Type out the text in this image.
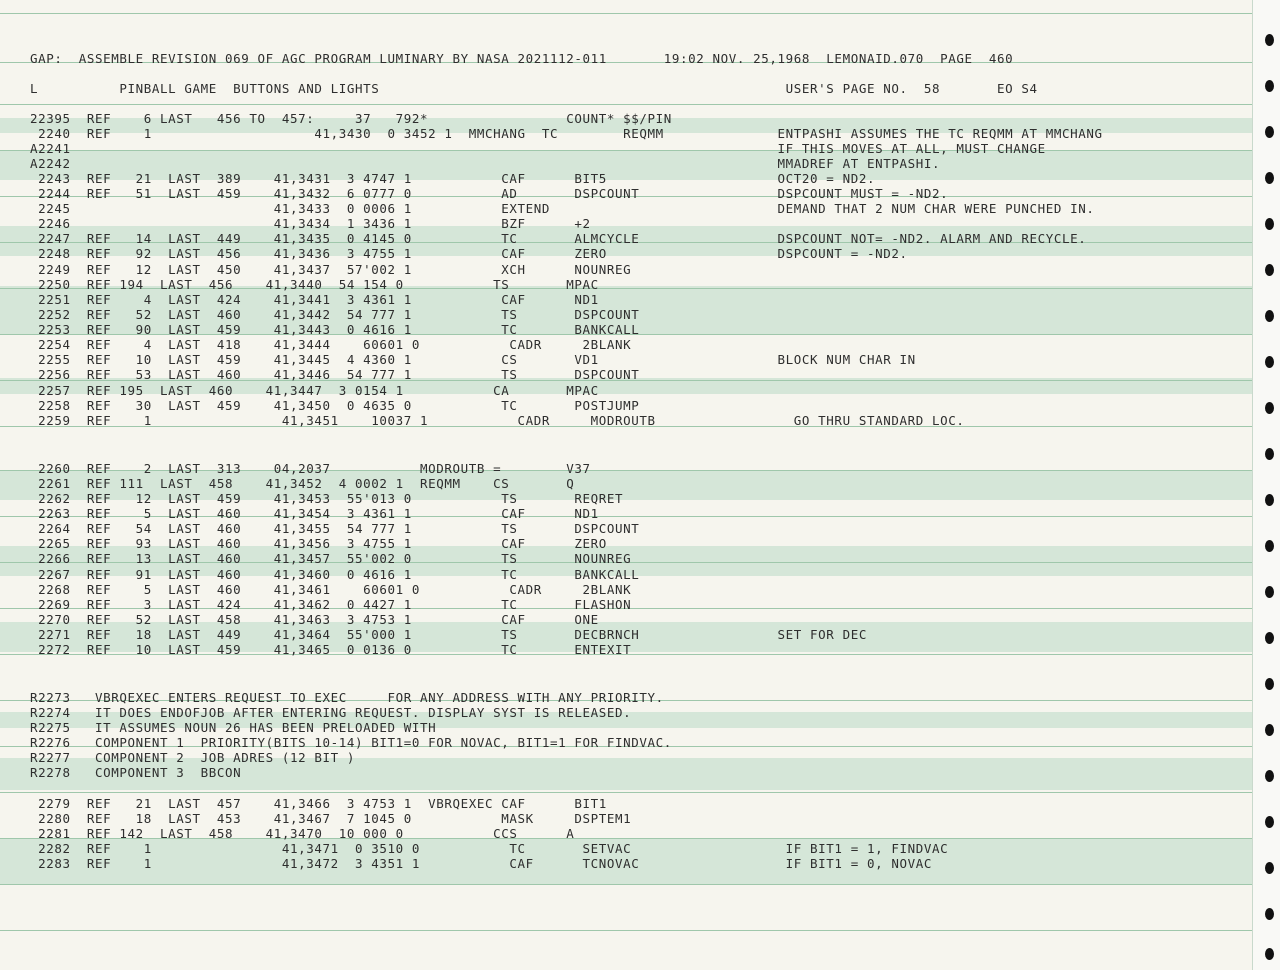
GAP:  ASSEMBLE REVISION 069 OF AGC PROGRAM LUMINARY BY NASA 2021112-011       19:02 NOV. 25,1968  LEMONAID.070  PAGE  460
L          PINBALL GAME  BUTTONS AND LIGHTS                                                  USER'S PAGE NO.  58       EO S4
22395  REF    6 LAST   456 TO  457:     37   792*                 COUNT* $$/PIN
2240  REF    1                    41,3430  0 3452 1  MMCHANG  TC        REQMM              ENTPASHI ASSUMES THE TC REQMM AT MMCHANG
A2241                                                                                       IF THIS MOVES AT ALL, MUST CHANGE
A2242                                                                                       MMADREF AT ENTPASHI.
2243  REF   21  LAST  389    41,3431  3 4747 1           CAF      BIT5                     OCT20 = ND2.
2244  REF   51  LAST  459    41,3432  6 0777 0           AD       DSPCOUNT                 DSPCOUNT MUST = -ND2.
2245                         41,3433  0 0006 1           EXTEND                            DEMAND THAT 2 NUM CHAR WERE PUNCHED IN.
2246                         41,3434  1 3436 1           BZF      +2
2247  REF   14  LAST  449    41,3435  0 4145 0           TC       ALMCYCLE                 DSPCOUNT NOT= -ND2. ALARM AND RECYCLE.
2248  REF   92  LAST  456    41,3436  3 4755 1           CAF      ZERO                     DSPCOUNT = -ND2.
2249  REF   12  LAST  450    41,3437  57'002 1           XCH      NOUNREG
2250  REF 194  LAST  456    41,3440  54 154 0           TS       MPAC
2251  REF    4  LAST  424    41,3441  3 4361 1           CAF      ND1
2252  REF   52  LAST  460    41,3442  54 777 1           TS       DSPCOUNT
2253  REF   90  LAST  459    41,3443  0 4616 1           TC       BANKCALL
2254  REF    4  LAST  418    41,3444    60601 0           CADR     2BLANK
2255  REF   10  LAST  459    41,3445  4 4360 1           CS       VD1                      BLOCK NUM CHAR IN
2256  REF   53  LAST  460    41,3446  54 777 1           TS       DSPCOUNT
2257  REF 195  LAST  460    41,3447  3 0154 1           CA       MPAC
2258  REF   30  LAST  459    41,3450  0 4635 0           TC       POSTJUMP
2259  REF    1                41,3451    10037 1           CADR     MODROUTB                 GO THRU STANDARD LOC.
2260  REF    2  LAST  313    04,2037           MODROUTB =        V37
2261  REF 111  LAST  458    41,3452  4 0002 1  REQMM    CS       Q
2262  REF   12  LAST  459    41,3453  55'013 0           TS       REQRET
2263  REF    5  LAST  460    41,3454  3 4361 1           CAF      ND1
2264  REF   54  LAST  460    41,3455  54 777 1           TS       DSPCOUNT
2265  REF   93  LAST  460    41,3456  3 4755 1           CAF      ZERO
2266  REF   13  LAST  460    41,3457  55'002 0           TS       NOUNREG
2267  REF   91  LAST  460    41,3460  0 4616 1           TC       BANKCALL
2268  REF    5  LAST  460    41,3461    60601 0           CADR     2BLANK
2269  REF    3  LAST  424    41,3462  0 4427 1           TC       FLASHON
2270  REF   52  LAST  458    41,3463  3 4753 1           CAF      ONE
2271  REF   18  LAST  449    41,3464  55'000 1           TS       DECBRNCH                 SET FOR DEC
2272  REF   10  LAST  459    41,3465  0 0136 0           TC       ENTEXIT
R2273   VBRQEXEC ENTERS REQUEST TO EXEC     FOR ANY ADDRESS WITH ANY PRIORITY.
R2274   IT DOES ENDOFJOB AFTER ENTERING REQUEST. DISPLAY SYST IS RELEASED.
R2275   IT ASSUMES NOUN 26 HAS BEEN PRELOADED WITH
R2276   COMPONENT 1  PRIORITY(BITS 10-14) BIT1=0 FOR NOVAC, BIT1=1 FOR FINDVAC.
R2277   COMPONENT 2  JOB ADRES (12 BIT )
R2278   COMPONENT 3  BBCON
2279  REF   21  LAST  457    41,3466  3 4753 1  VBRQEXEC CAF      BIT1
2280  REF   18  LAST  453    41,3467  7 1045 0           MASK     DSPTEM1
2281  REF 142  LAST  458    41,3470  10 000 0           CCS      A
2282  REF    1                41,3471  0 3510 0           TC       SETVAC                   IF BIT1 = 1, FINDVAC
2283  REF    1                41,3472  3 4351 1           CAF      TCNOVAC                  IF BIT1 = 0, NOVAC
